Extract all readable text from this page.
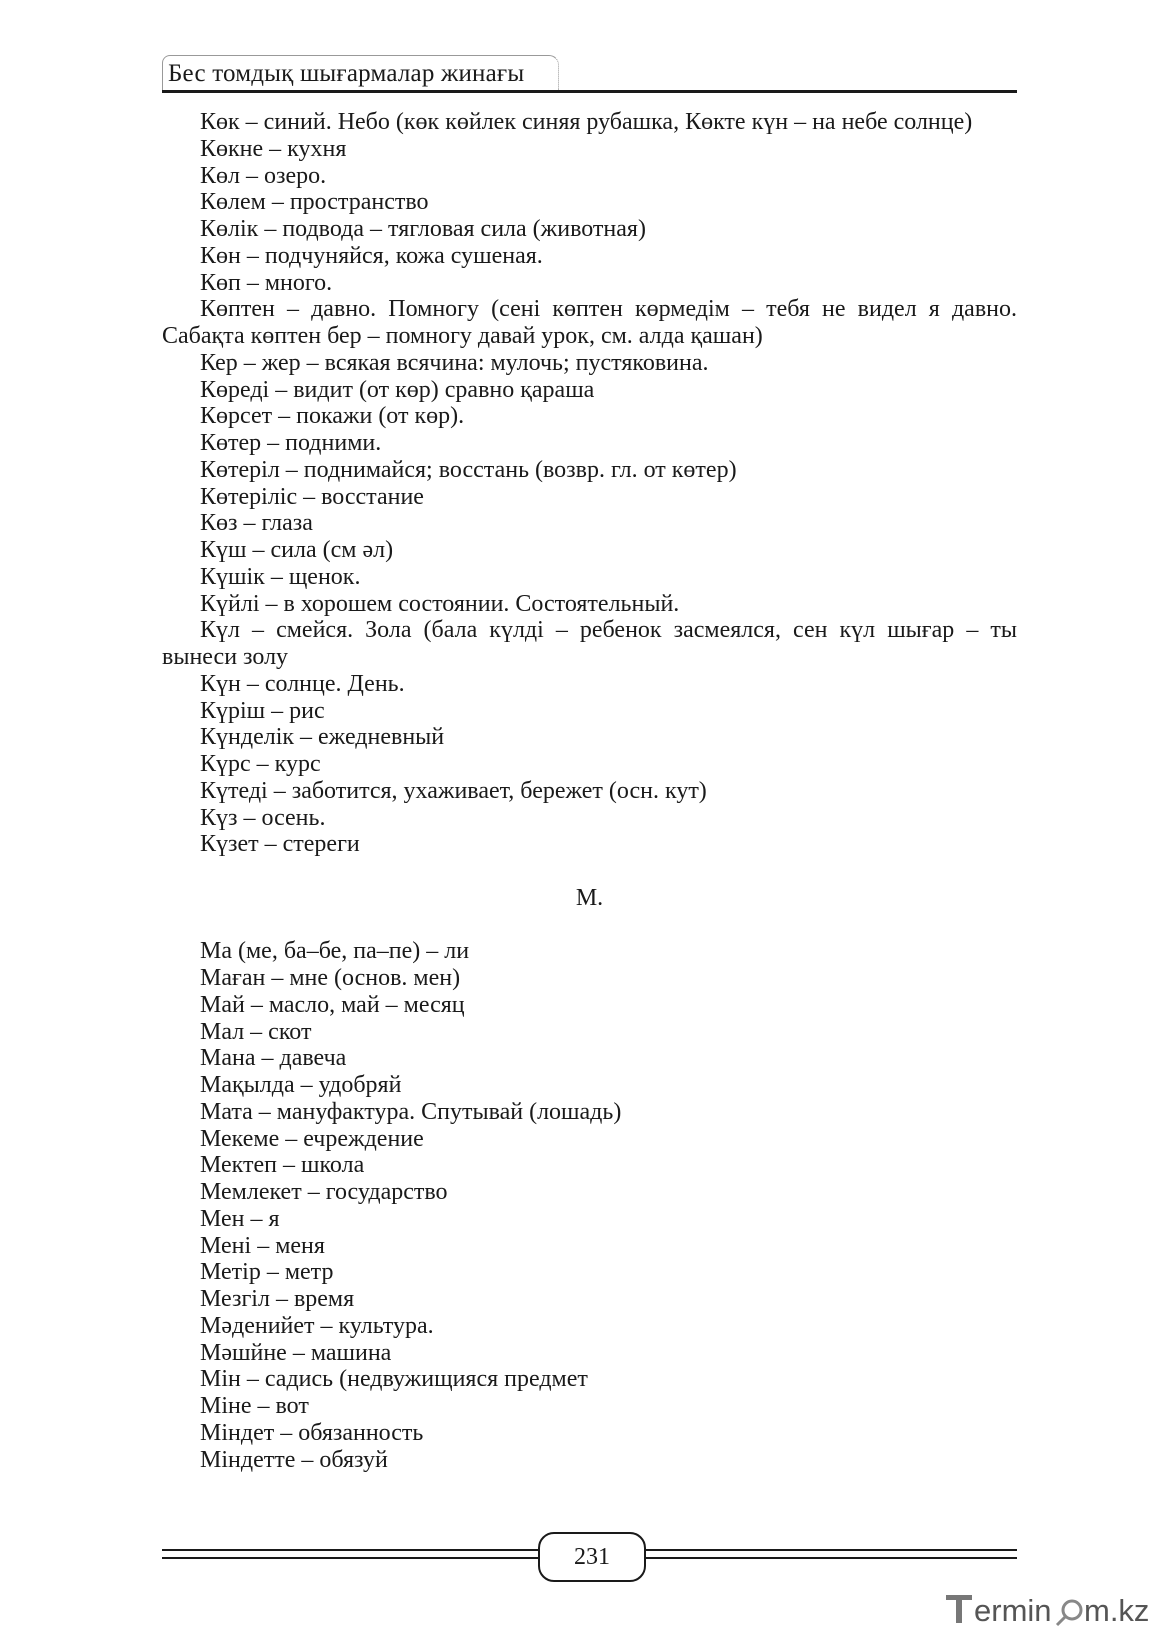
Бес томдық шығармалар жинағы

Көк – синий. Небо (көк көйлек синяя рубашка, Көкте күн – на небе солнце)

Көкне – кухня

Көл – озеро.

Көлем – пространство

Көлік – подвода – тягловая сила (животная)

Көн – подчуняйся, кожа сушеная.

Көп – много.

Көптен – давно. Помногу (сені көптен көрмедім – тебя не видел я давно. Сабақта көптен бер – помногу давай урок, см. алда қашан)

Кер – жер – всякая всячина: мулочь; пустяковина.

Көреді – видит (от көр) сравно қараша

Көрсет – покажи (от көр).

Көтер – подними.

Көтеріл – поднимайся; восстань (возвр. гл. от көтер)

Көтеріліс – восстание

Көз – глаза

Күш – сила (см әл)

Күшік – щенок.

Күйлі – в хорошем состоянии. Состоятельный.

Күл – смейся. Зола (бала күлді – ребенок засмеялся, сен күл шығар – ты вынеси золу

Күн – солнце. День.

Күріш – рис

Күнделік – ежедневный

Күрс – курс

Күтеді – заботится, ухаживает, бережет (осн. кут)

Күз – осень.

Күзет – стереги

М.

Ма (ме, ба–бе, па–пе) – ли

Маған – мне (основ. мен)

Май – масло, май – месяц

Мал – скот

Мана – давеча

Мақылда – удобряй

Мата – мануфактура. Спутывай (лошадь)

Мекеме – ечреждение

Мектеп – школа

Мемлекет – государство

Мен – я

Мені – меня

Метір – метр

Мезгіл – время

Мәденийет – культура.

Мәшйне – машина

Мін – садись (недвужищияся предмет

Міне – вот

Міндет – обязанность

Міндетте – обязуй

231
ermin m.kz
